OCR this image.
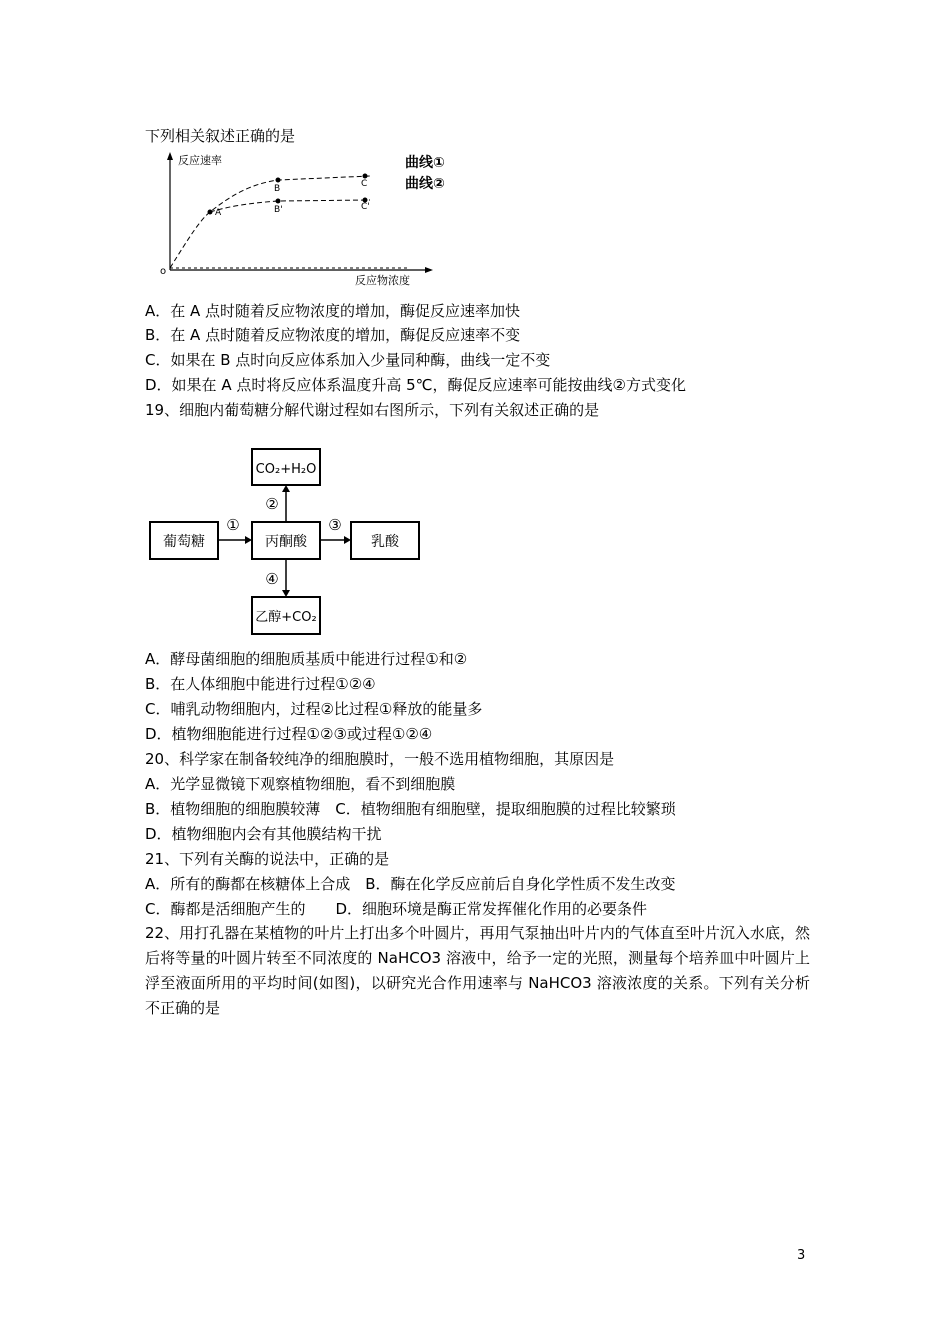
下列相关叙述正确的是
反应速率
反应物浓度
o
A
B	C
B'	C'
曲线①
曲线②
A．在 A 点时随着反应物浓度的增加，酶促反应速率加快
B．在 A 点时随着反应物浓度的增加，酶促反应速率不变
C．如果在 B 点时向反应体系加入少量同种酶，曲线一定不变
D．如果在 A 点时将反应体系温度升高 5℃，酶促反应速率可能按曲线②方式变化
19、细胞内葡萄糖分解代谢过程如右图所示，下列有关叙述正确的是
CO₂+H₂O
葡萄糖	丙酮酸	乳酸
乙醇+CO₂
①
②
③
④
A．酵母菌细胞的细胞质基质中能进行过程①和②
B．在人体细胞中能进行过程①②④
C．哺乳动物细胞内，过程②比过程①释放的能量多
D．植物细胞能进行过程①②③或过程①②④
20、科学家在制备较纯净的细胞膜时，一般不选用植物细胞，其原因是
A．光学显微镜下观察植物细胞，看不到细胞膜
B．植物细胞的细胞膜较薄　C．植物细胞有细胞壁，提取细胞膜的过程比较繁琐
D．植物细胞内会有其他膜结构干扰
21、下列有关酶的说法中，正确的是
A．所有的酶都在核糖体上合成　B．酶在化学反应前后自身化学性质不发生改变
C．酶都是活细胞产生的　　D．细胞环境是酶正常发挥催化作用的必要条件
22、用打孔器在某植物的叶片上打出多个叶圆片，再用气泵抽出叶片内的气体直至叶片沉入水底，然后将等量的叶圆片转至不同浓度的 NaHCO3 溶液中，给予一定的光照，测量每个培养皿中叶圆片上浮至液面所用的平均时间(如图)，以研究光合作用速率与 NaHCO3 溶液浓度的关系。下列有关分析不正确的是
3
